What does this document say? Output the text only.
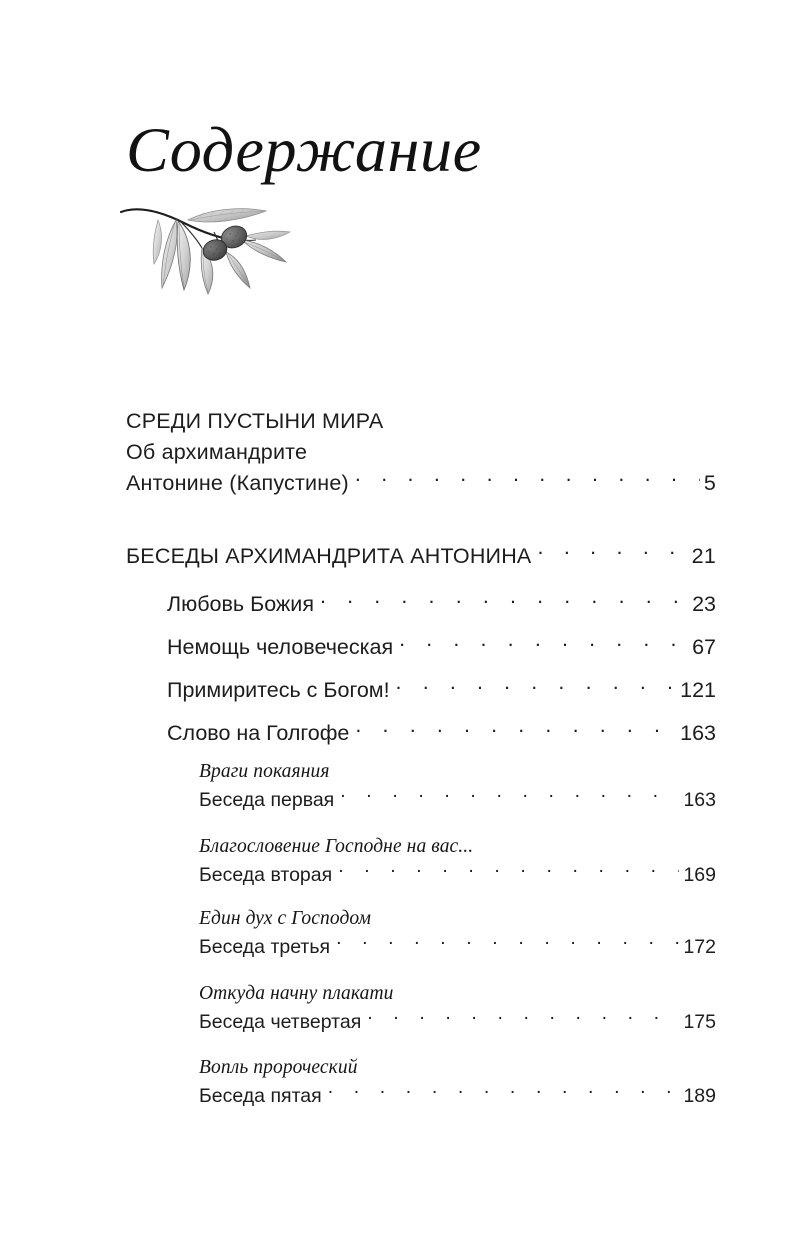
Содержание
СРЕДИ ПУСТЫНИ МИРА
Об архимандрите
Антонине (Капустине) . . .	5
БЕСЕДЫ АРХИМАНДРИТА АНТОНИНА . . .	21
Любовь Божия . . .	23
Немощь человеческая . . .	67
Примиритесь с Богом! . . .	121
Слово на Голгофе . . .	163
Враги покаяния
Беседа первая . . .	163
Благословение Господне на вас...
Беседа вторая . . .	169
Един дух с Господом
Беседа третья . . .	172
Откуда начну плакати
Беседа четвертая . . .	175
Вопль пророческий
Беседа пятая . . .	189
